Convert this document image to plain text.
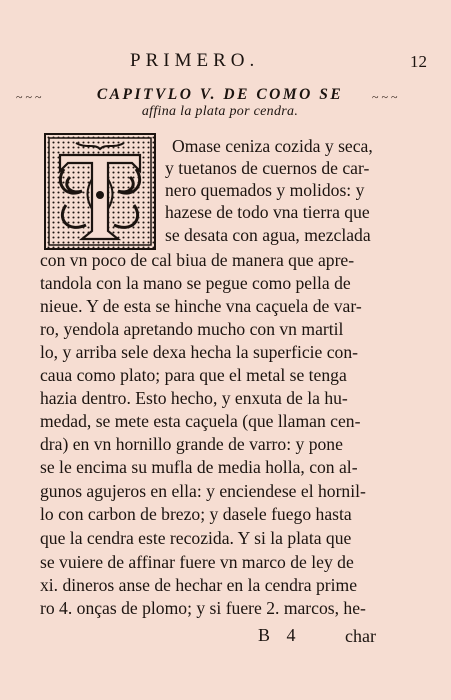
PRIMERO.	12
~~~	~~~
CAPITVLO V. DE COMO SE
affina la plata por cendra.
Omase ceniza cozida y seca,
y tuetanos de cuernos de car-
nero quemados y molidos: y
hazese de todo vna tierra que
se desata con agua, mezclada
con vn poco de cal biua de manera que apre-
tandola con la mano se pegue como pella de
nieue. Y de esta se hinche vna caçuela de var-
ro, yendola apretando mucho con vn martil
lo, y arriba sele dexa hecha la superficie con-
caua como plato; para que el metal se tenga
hazia dentro. Esto hecho, y enxuta de la hu-
medad, se mete esta caçuela (que llaman cen-
dra) en vn hornillo grande de varro: y pone
se le encima su mufla de media holla, con al-
gunos agujeros en ella: y enciendese el hornil-
lo con carbon de brezo; y dasele fuego hasta
que la cendra este recozida. Y si la plata que
se vuiere de affinar fuere vn marco de ley de
xi. dineros anse de hechar en la cendra prime
ro 4. onças de plomo; y si fuere 2. marcos, he-
B 4 char
